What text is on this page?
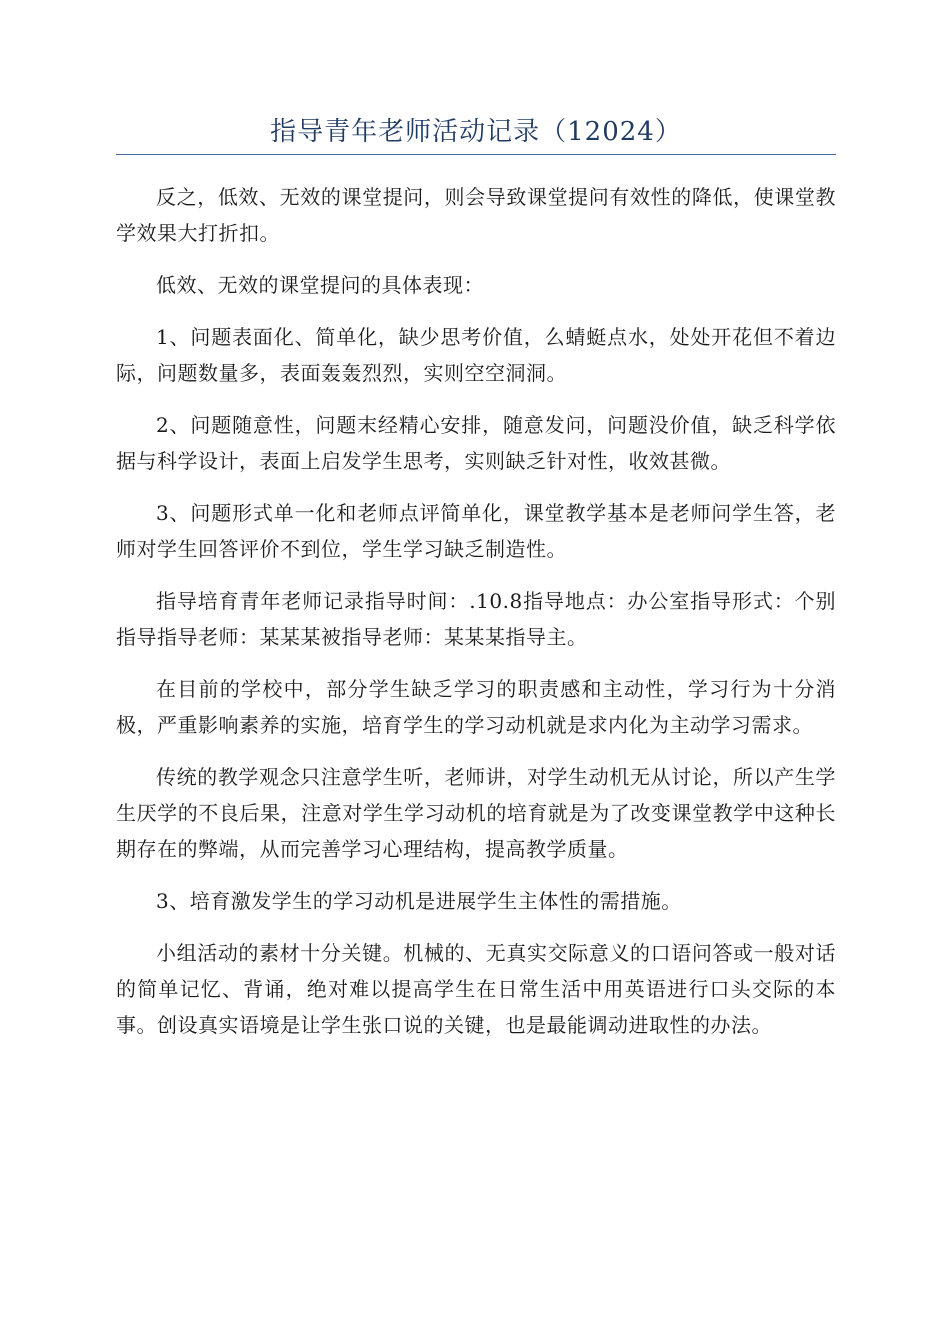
指导青年老师活动记录（12024）

反之，低效、无效的课堂提问，则会导致课堂提问有效性的降低，使课堂教学效果大打折扣。

低效、无效的课堂提问的具体表现：

1、问题表面化、简单化，缺少思考价值，么蜻蜓点水，处处开花但不着边际，问题数量多，表面轰轰烈烈，实则空空洞洞。

2、问题随意性，问题末经精心安排，随意发问，问题没价值，缺乏科学依据与科学设计，表面上启发学生思考，实则缺乏针对性，收效甚微。

3、问题形式单一化和老师点评简单化，课堂教学基本是老师问学生答，老师对学生回答评价不到位，学生学习缺乏制造性。

指导培育青年老师记录指导时间：.10.8指导地点：办公室指导形式：个别指导指导老师：某某某被指导老师：某某某指导主。

在目前的学校中，部分学生缺乏学习的职责感和主动性，学习行为十分消极，严重影响素养的实施，培育学生的学习动机就是求内化为主动学习需求。

传统的教学观念只注意学生听，老师讲，对学生动机无从讨论，所以产生学生厌学的不良后果，注意对学生学习动机的培育就是为了改变课堂教学中这种长期存在的弊端，从而完善学习心理结构，提高教学质量。

3、培育激发学生的学习动机是进展学生主体性的需措施。

小组活动的素材十分关键。机械的、无真实交际意义的口语问答或一般对话的简单记忆、背诵，绝对难以提高学生在日常生活中用英语进行口头交际的本事。创设真实语境是让学生张口说的关键，也是最能调动进取性的办法。
